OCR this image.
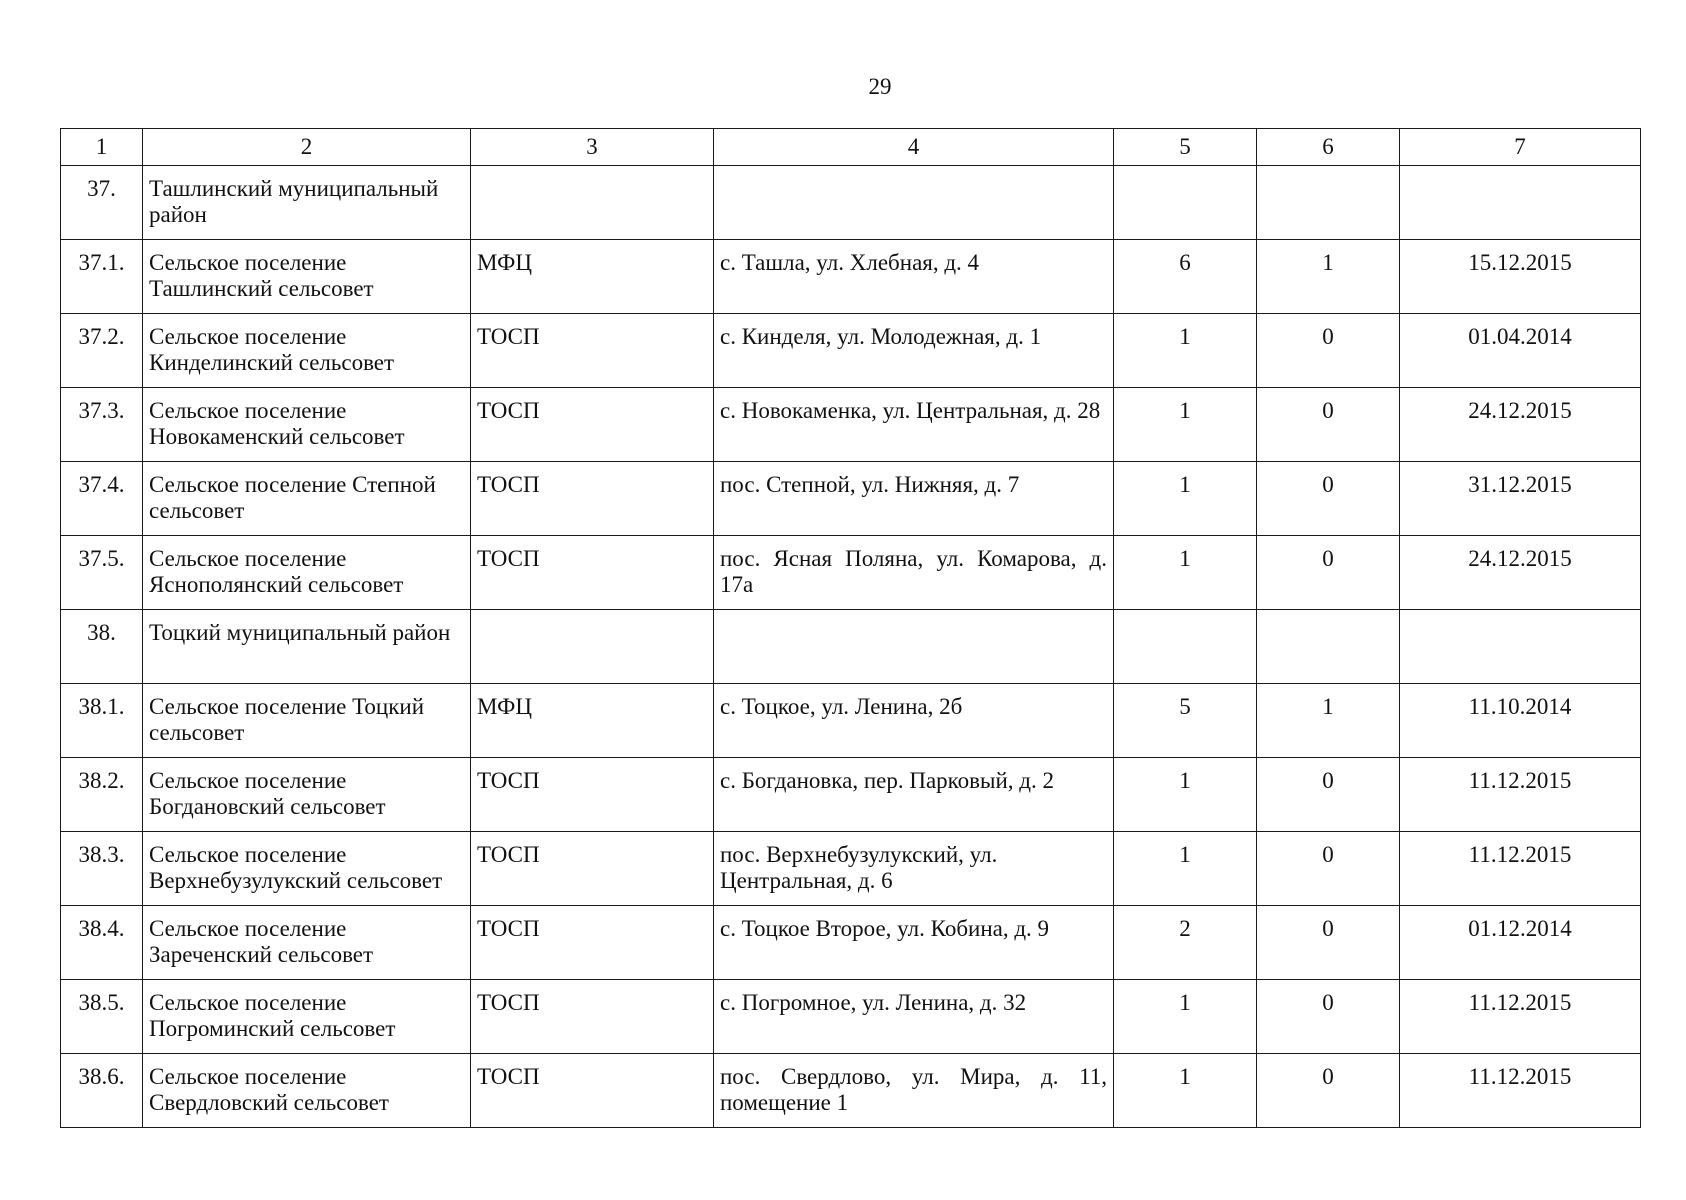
29
1	2	3	4	5	6	7
37.	Ташлинский муниципальный район					
37.1.	Сельское поселение Ташлинский сельсовет	МФЦ	с. Ташла, ул. Хлебная, д. 4	6	1	15.12.2015
37.2.	Сельское поселение Кинделинский сельсовет	ТОСП	с. Кинделя, ул. Молодежная, д. 1	1	0	01.04.2014
37.3.	Сельское поселение Новокаменский сельсовет	ТОСП	с. Новокаменка, ул. Центральная, д. 28	1	0	24.12.2015
37.4.	Сельское поселение Степной сельсовет	ТОСП	пос. Степной, ул. Нижняя, д. 7	1	0	31.12.2015
37.5.	Сельское поселение Яснополянский сельсовет	ТОСП	пос. Ясная Поляна, ул. Комарова, д. 17а	1	0	24.12.2015
38.	Тоцкий муниципальный район					
38.1.	Сельское поселение Тоцкий сельсовет	МФЦ	с. Тоцкое, ул. Ленина, 2б	5	1	11.10.2014
38.2.	Сельское поселение Богдановский сельсовет	ТОСП	с. Богдановка, пер. Парковый, д. 2	1	0	11.12.2015
38.3.	Сельское поселение Верхнебузулукский сельсовет	ТОСП	пос. Верхнебузулукский, ул. Центральная, д. 6	1	0	11.12.2015
38.4.	Сельское поселение Зареченский сельсовет	ТОСП	с. Тоцкое Второе, ул. Кобина, д. 9	2	0	01.12.2014
38.5.	Сельское поселение Погроминский сельсовет	ТОСП	с. Погромное, ул. Ленина, д. 32	1	0	11.12.2015
38.6.	Сельское поселение Свердловский сельсовет	ТОСП	пос. Свердлово, ул. Мира, д. 11, помещение 1	1	0	11.12.2015
